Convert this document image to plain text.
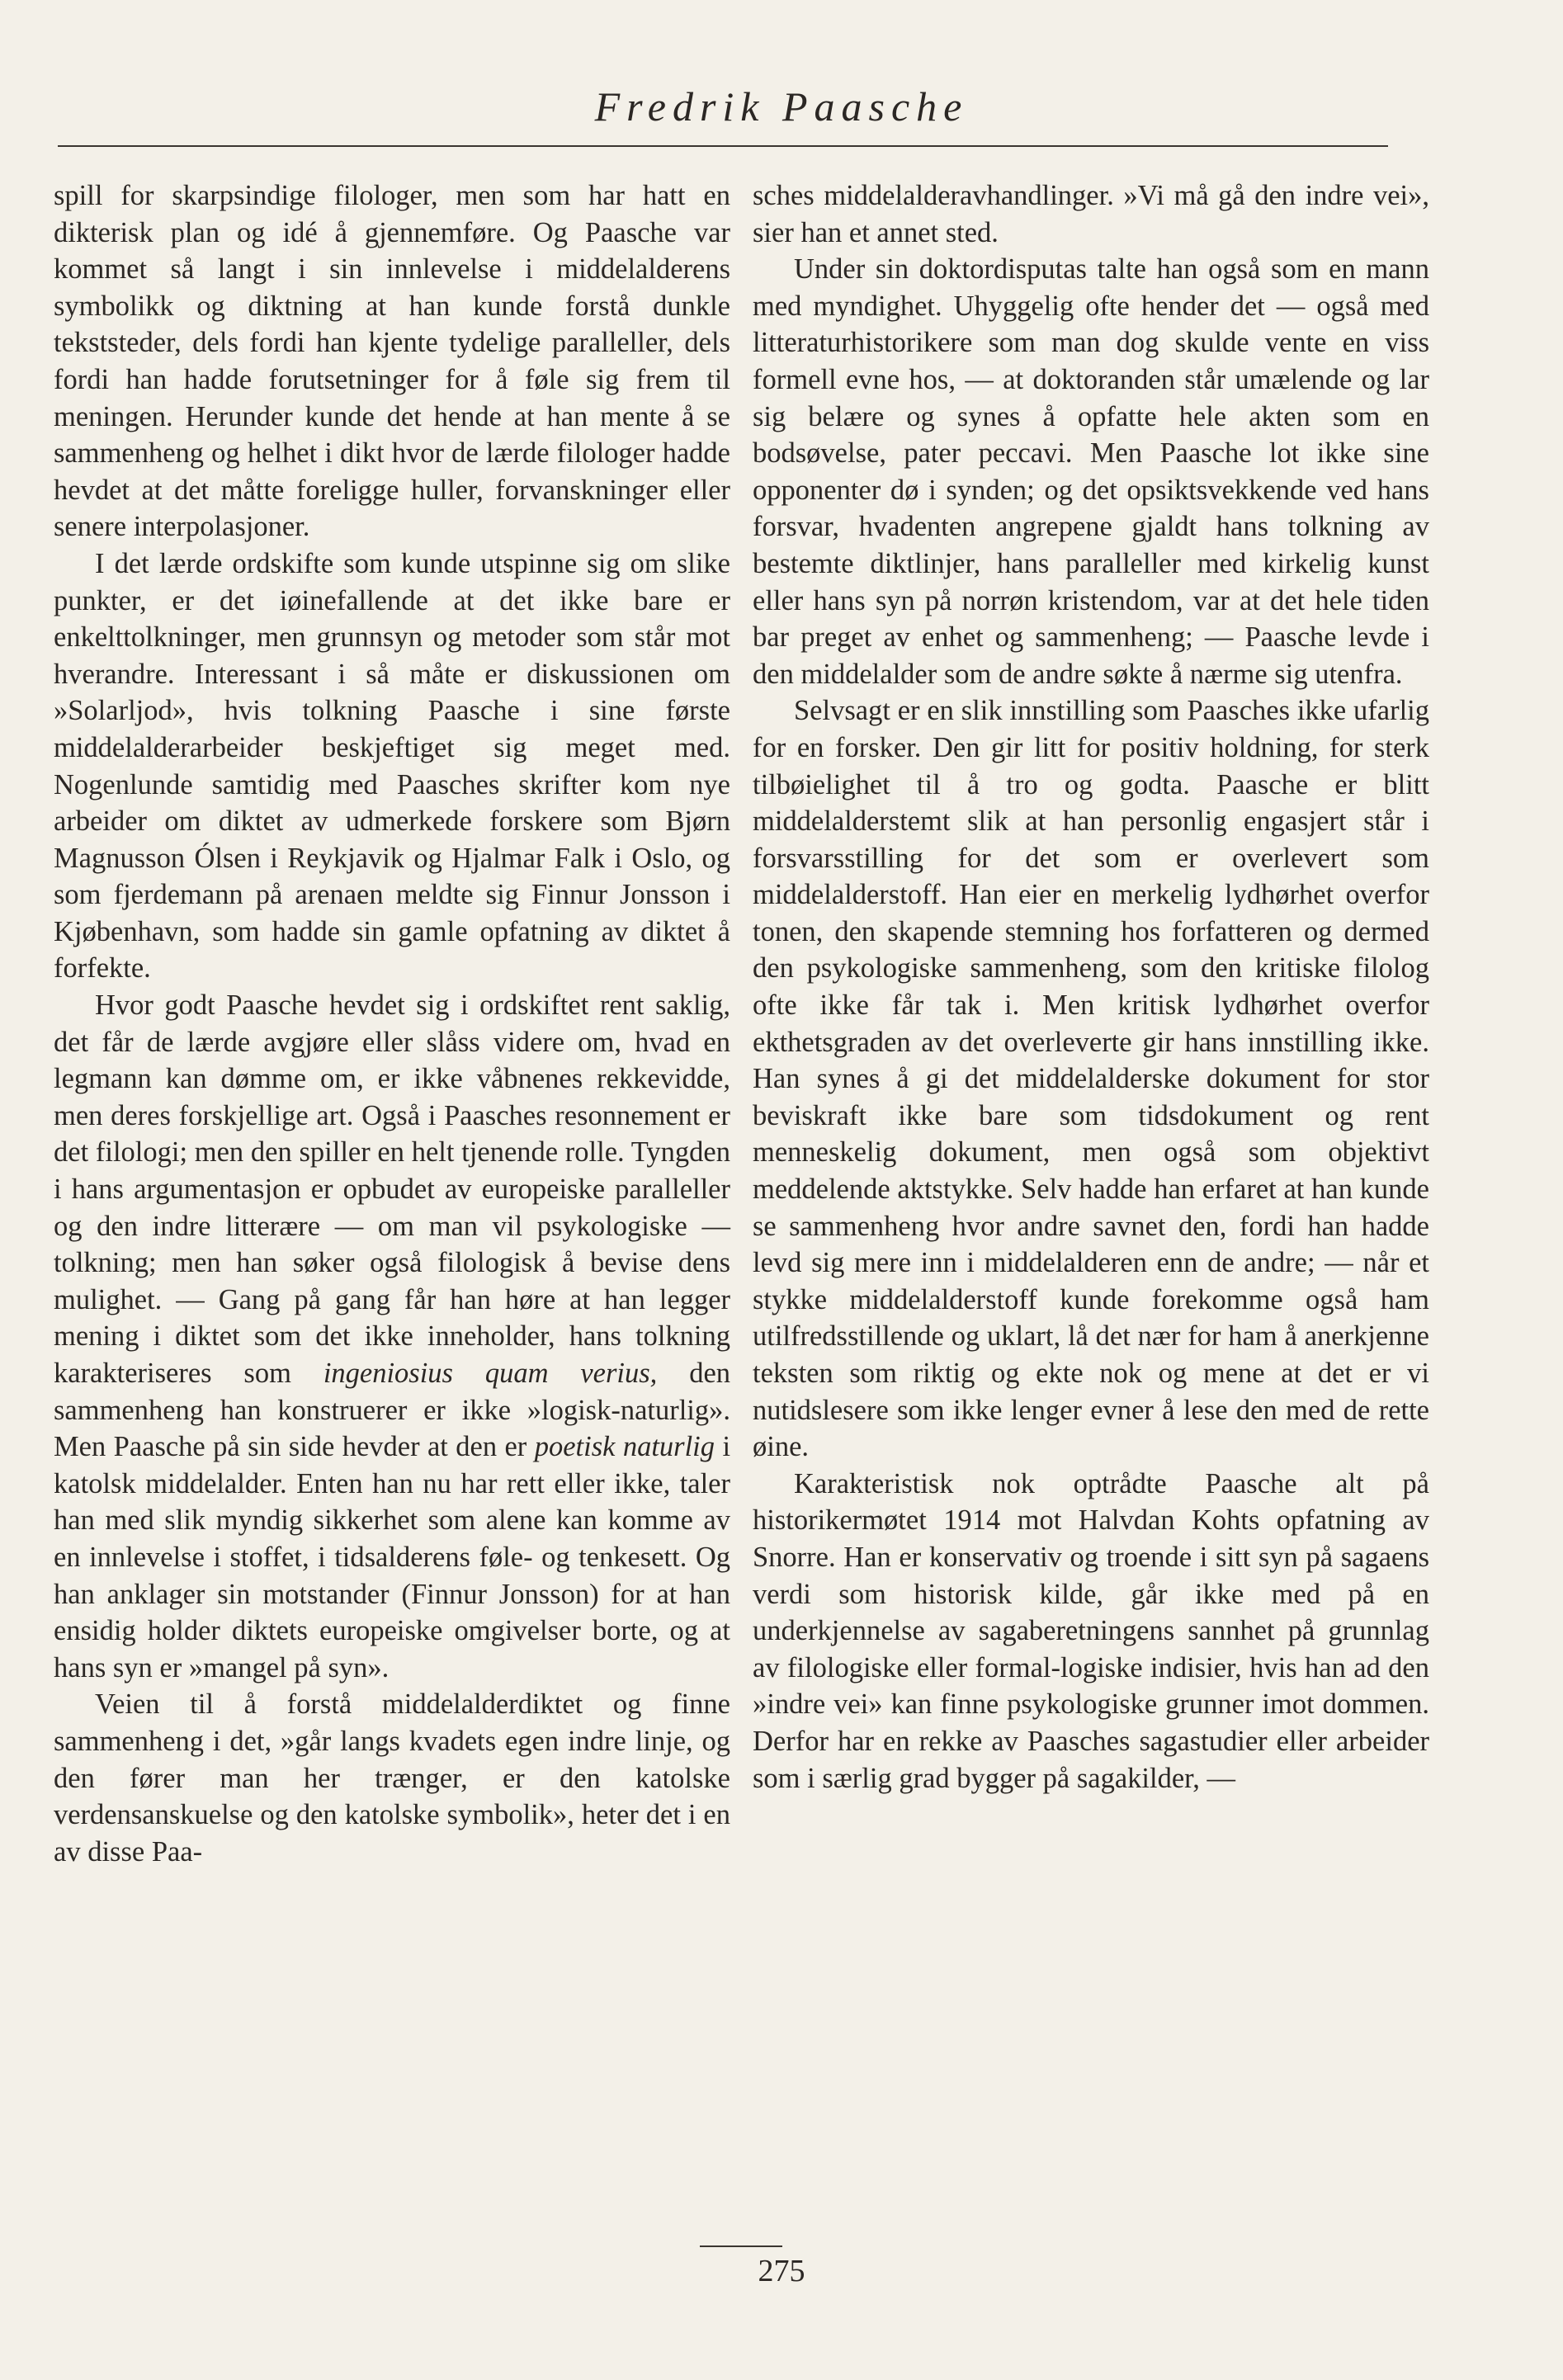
Fredrik Paasche

spill for skarpsindige filologer, men som har hatt en dikterisk plan og idé å gjennemføre. Og Paasche var kommet så langt i sin innlevelse i middelalderens symbolikk og diktning at han kunde forstå dunkle tekststeder, dels fordi han kjente tydelige paralleller, dels fordi han hadde forutsetninger for å føle sig frem til meningen. Herunder kunde det hende at han mente å se sammenheng og helhet i dikt hvor de lærde filologer hadde hevdet at det måtte foreligge huller, forvanskninger eller senere interpolasjoner.

I det lærde ordskifte som kunde utspinne sig om slike punkter, er det iøinefallende at det ikke bare er enkelttolkninger, men grunnsyn og metoder som står mot hverandre. Interessant i så måte er diskussionen om »Solarljod», hvis tolkning Paasche i sine første middelalderarbeider beskjeftiget sig meget med. Nogenlunde samtidig med Paasches skrifter kom nye arbeider om diktet av udmerkede forskere som Bjørn Magnusson Ólsen i Reykjavik og Hjalmar Falk i Oslo, og som fjerdemann på arenaen meldte sig Finnur Jonsson i Kjøbenhavn, som hadde sin gamle opfatning av diktet å forfekte.

Hvor godt Paasche hevdet sig i ordskiftet rent saklig, det får de lærde avgjøre eller slåss videre om, hvad en legmann kan dømme om, er ikke våbnenes rekkevidde, men deres forskjellige art. Også i Paasches resonnement er det filologi; men den spiller en helt tjenende rolle. Tyngden i hans argumentasjon er opbudet av europeiske paralleller og den indre litterære — om man vil psykologiske — tolkning; men han søker også filologisk å bevise dens mulighet. — Gang på gang får han høre at han legger mening i diktet som det ikke inneholder, hans tolkning karakteriseres som ingeniosius quam verius, den sammenheng han konstruerer er ikke »logisk-naturlig». Men Paasche på sin side hevder at den er poetisk naturlig i katolsk middelalder. Enten han nu har rett eller ikke, taler han med slik myndig sikkerhet som alene kan komme av en innlevelse i stoffet, i tidsalderens føle- og tenkesett. Og han anklager sin motstander (Finnur Jonsson) for at han ensidig holder diktets europeiske omgivelser borte, og at hans syn er »mangel på syn».

Veien til å forstå middelalderdiktet og finne sammenheng i det, »går langs kvadets egen indre linje, og den fører man her trænger, er den katolske verdensanskuelse og den katolske symbolik», heter det i en av disse Paa-

sches middelalderavhandlinger. »Vi må gå den indre vei», sier han et annet sted.

Under sin doktordisputas talte han også som en mann med myndighet. Uhyggelig ofte hender det — også med litteraturhistorikere som man dog skulde vente en viss formell evne hos, — at doktoranden står umælende og lar sig belære og synes å opfatte hele akten som en bodsøvelse, pater peccavi. Men Paasche lot ikke sine opponenter dø i synden; og det opsiktsvekkende ved hans forsvar, hvadenten angrepene gjaldt hans tolkning av bestemte diktlinjer, hans paralleller med kirkelig kunst eller hans syn på norrøn kristendom, var at det hele tiden bar preget av enhet og sammenheng; — Paasche levde i den middelalder som de andre søkte å nærme sig utenfra.

Selvsagt er en slik innstilling som Paasches ikke ufarlig for en forsker. Den gir litt for positiv holdning, for sterk tilbøielighet til å tro og godta. Paasche er blitt middelalderstemt slik at han personlig engasjert står i forsvarsstilling for det som er overlevert som middelalderstoff. Han eier en merkelig lydhørhet overfor tonen, den skapende stemning hos forfatteren og dermed den psykologiske sammenheng, som den kritiske filolog ofte ikke får tak i. Men kritisk lydhørhet overfor ekthetsgraden av det overleverte gir hans innstilling ikke. Han synes å gi det middelalderske dokument for stor beviskraft ikke bare som tidsdokument og rent menneskelig dokument, men også som objektivt meddelende aktstykke. Selv hadde han erfaret at han kunde se sammenheng hvor andre savnet den, fordi han hadde levd sig mere inn i middelalderen enn de andre; — når et stykke middelalderstoff kunde forekomme også ham utilfredsstillende og uklart, lå det nær for ham å anerkjenne teksten som riktig og ekte nok og mene at det er vi nutidslesere som ikke lenger evner å lese den med de rette øine.

Karakteristisk nok optrådte Paasche alt på historikermøtet 1914 mot Halvdan Kohts opfatning av Snorre. Han er konservativ og troende i sitt syn på sagaens verdi som historisk kilde, går ikke med på en underkjennelse av sagaberetningens sannhet på grunnlag av filologiske eller formal-logiske indisier, hvis han ad den »indre vei» kan finne psykologiske grunner imot dommen. Derfor har en rekke av Paasches sagastudier eller arbeider som i særlig grad bygger på sagakilder, —

275
